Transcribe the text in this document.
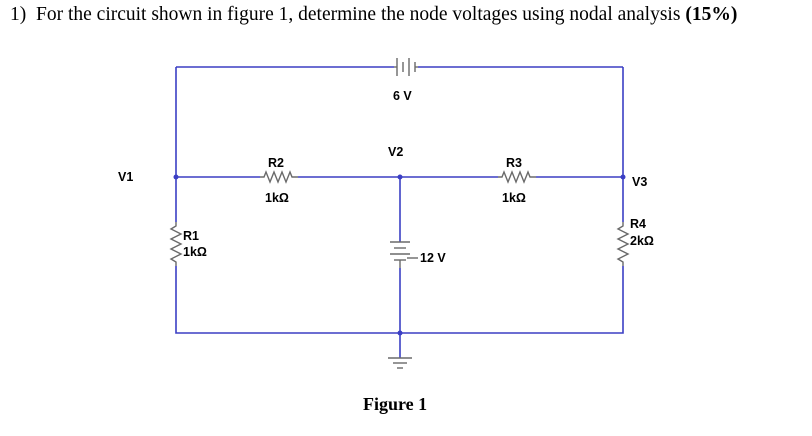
1) For the circuit shown in figure 1, determine the node voltages using nodal analysis (15%)

6 V
V1
V2
V3
R2
1kΩ
R3
1kΩ
R1
1kΩ
R4
2kΩ
12 V
Figure 1
